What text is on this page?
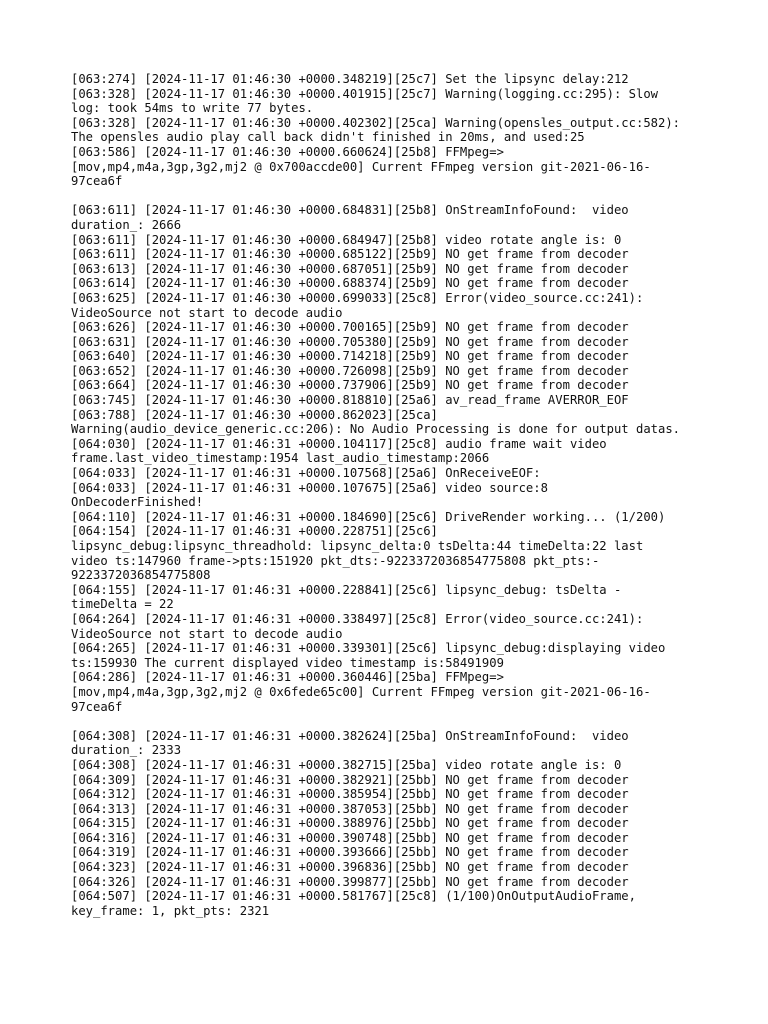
[063:274] [2024-11-17 01:46:30 +0000.348219][25c7] Set the lipsync delay:212
[063:328] [2024-11-17 01:46:30 +0000.401915][25c7] Warning(logging.cc:295): Slow
log: took 54ms to write 77 bytes.
[063:328] [2024-11-17 01:46:30 +0000.402302][25ca] Warning(opensles_output.cc:582):
The opensles audio play call back didn't finished in 20ms, and used:25
[063:586] [2024-11-17 01:46:30 +0000.660624][25b8] FFMpeg=>
[mov,mp4,m4a,3gp,3g2,mj2 @ 0x700accde00] Current FFmpeg version git-2021-06-16-
97cea6f
[063:611] [2024-11-17 01:46:30 +0000.684831][25b8] OnStreamInfoFound:  video
duration_: 2666
[063:611] [2024-11-17 01:46:30 +0000.684947][25b8] video rotate angle is: 0
[063:611] [2024-11-17 01:46:30 +0000.685122][25b9] NO get frame from decoder
[063:613] [2024-11-17 01:46:30 +0000.687051][25b9] NO get frame from decoder
[063:614] [2024-11-17 01:46:30 +0000.688374][25b9] NO get frame from decoder
[063:625] [2024-11-17 01:46:30 +0000.699033][25c8] Error(video_source.cc:241):
VideoSource not start to decode audio
[063:626] [2024-11-17 01:46:30 +0000.700165][25b9] NO get frame from decoder
[063:631] [2024-11-17 01:46:30 +0000.705380][25b9] NO get frame from decoder
[063:640] [2024-11-17 01:46:30 +0000.714218][25b9] NO get frame from decoder
[063:652] [2024-11-17 01:46:30 +0000.726098][25b9] NO get frame from decoder
[063:664] [2024-11-17 01:46:30 +0000.737906][25b9] NO get frame from decoder
[063:745] [2024-11-17 01:46:30 +0000.818810][25a6] av_read_frame AVERROR_EOF
[063:788] [2024-11-17 01:46:30 +0000.862023][25ca]
Warning(audio_device_generic.cc:206): No Audio Processing is done for output datas.
[064:030] [2024-11-17 01:46:31 +0000.104117][25c8] audio frame wait video
frame.last_video_timestamp:1954 last_audio_timestamp:2066
[064:033] [2024-11-17 01:46:31 +0000.107568][25a6] OnReceiveEOF:
[064:033] [2024-11-17 01:46:31 +0000.107675][25a6] video source:8
OnDecoderFinished!
[064:110] [2024-11-17 01:46:31 +0000.184690][25c6] DriveRender working... (1/200)
[064:154] [2024-11-17 01:46:31 +0000.228751][25c6]
lipsync_debug:lipsync_threadhold: lipsync_delta:0 tsDelta:44 timeDelta:22 last
video ts:147960 frame->pts:151920 pkt_dts:-9223372036854775808 pkt_pts:-
9223372036854775808
[064:155] [2024-11-17 01:46:31 +0000.228841][25c6] lipsync_debug: tsDelta -
timeDelta = 22
[064:264] [2024-11-17 01:46:31 +0000.338497][25c8] Error(video_source.cc:241):
VideoSource not start to decode audio
[064:265] [2024-11-17 01:46:31 +0000.339301][25c6] lipsync_debug:displaying video
ts:159930 The current displayed video timestamp is:58491909
[064:286] [2024-11-17 01:46:31 +0000.360446][25ba] FFMpeg=>
[mov,mp4,m4a,3gp,3g2,mj2 @ 0x6fede65c00] Current FFmpeg version git-2021-06-16-
97cea6f
[064:308] [2024-11-17 01:46:31 +0000.382624][25ba] OnStreamInfoFound:  video
duration_: 2333
[064:308] [2024-11-17 01:46:31 +0000.382715][25ba] video rotate angle is: 0
[064:309] [2024-11-17 01:46:31 +0000.382921][25bb] NO get frame from decoder
[064:312] [2024-11-17 01:46:31 +0000.385954][25bb] NO get frame from decoder
[064:313] [2024-11-17 01:46:31 +0000.387053][25bb] NO get frame from decoder
[064:315] [2024-11-17 01:46:31 +0000.388976][25bb] NO get frame from decoder
[064:316] [2024-11-17 01:46:31 +0000.390748][25bb] NO get frame from decoder
[064:319] [2024-11-17 01:46:31 +0000.393666][25bb] NO get frame from decoder
[064:323] [2024-11-17 01:46:31 +0000.396836][25bb] NO get frame from decoder
[064:326] [2024-11-17 01:46:31 +0000.399877][25bb] NO get frame from decoder
[064:507] [2024-11-17 01:46:31 +0000.581767][25c8] (1/100)OnOutputAudioFrame,
key_frame: 1, pkt_pts: 2321
